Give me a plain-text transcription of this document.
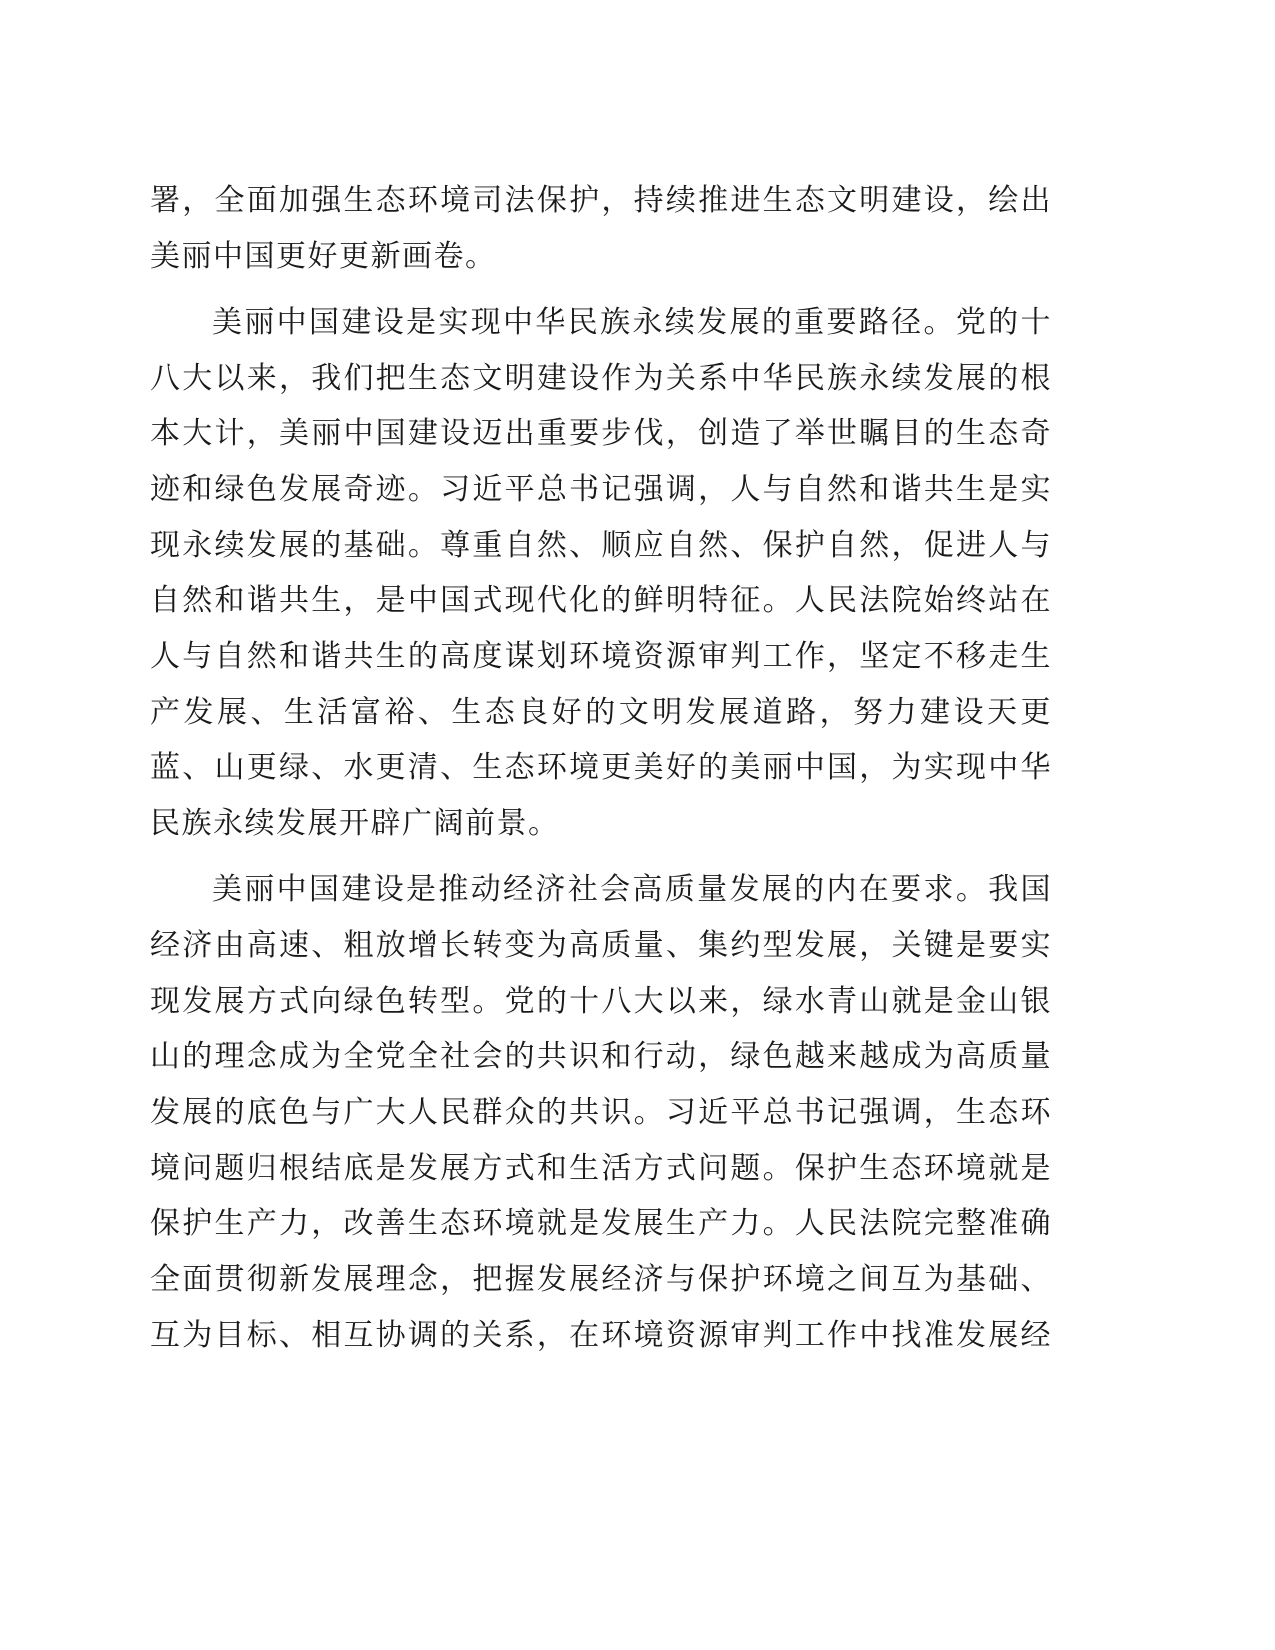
署，全面加强生态环境司法保护，持续推进生态文明建设，绘出
美丽中国更好更新画卷。
美丽中国建设是实现中华民族永续发展的重要路径。党的十
八大以来，我们把生态文明建设作为关系中华民族永续发展的根
本大计，美丽中国建设迈出重要步伐，创造了举世瞩目的生态奇
迹和绿色发展奇迹。习近平总书记强调，人与自然和谐共生是实
现永续发展的基础。尊重自然、顺应自然、保护自然，促进人与
自然和谐共生，是中国式现代化的鲜明特征。人民法院始终站在
人与自然和谐共生的高度谋划环境资源审判工作，坚定不移走生
产发展、生活富裕、生态良好的文明发展道路，努力建设天更
蓝、山更绿、水更清、生态环境更美好的美丽中国，为实现中华
民族永续发展开辟广阔前景。
美丽中国建设是推动经济社会高质量发展的内在要求。我国
经济由高速、粗放增长转变为高质量、集约型发展，关键是要实
现发展方式向绿色转型。党的十八大以来，绿水青山就是金山银
山的理念成为全党全社会的共识和行动，绿色越来越成为高质量
发展的底色与广大人民群众的共识。习近平总书记强调，生态环
境问题归根结底是发展方式和生活方式问题。保护生态环境就是
保护生产力，改善生态环境就是发展生产力。人民法院完整准确
全面贯彻新发展理念，把握发展经济与保护环境之间互为基础、
互为目标、相互协调的关系，在环境资源审判工作中找准发展经
